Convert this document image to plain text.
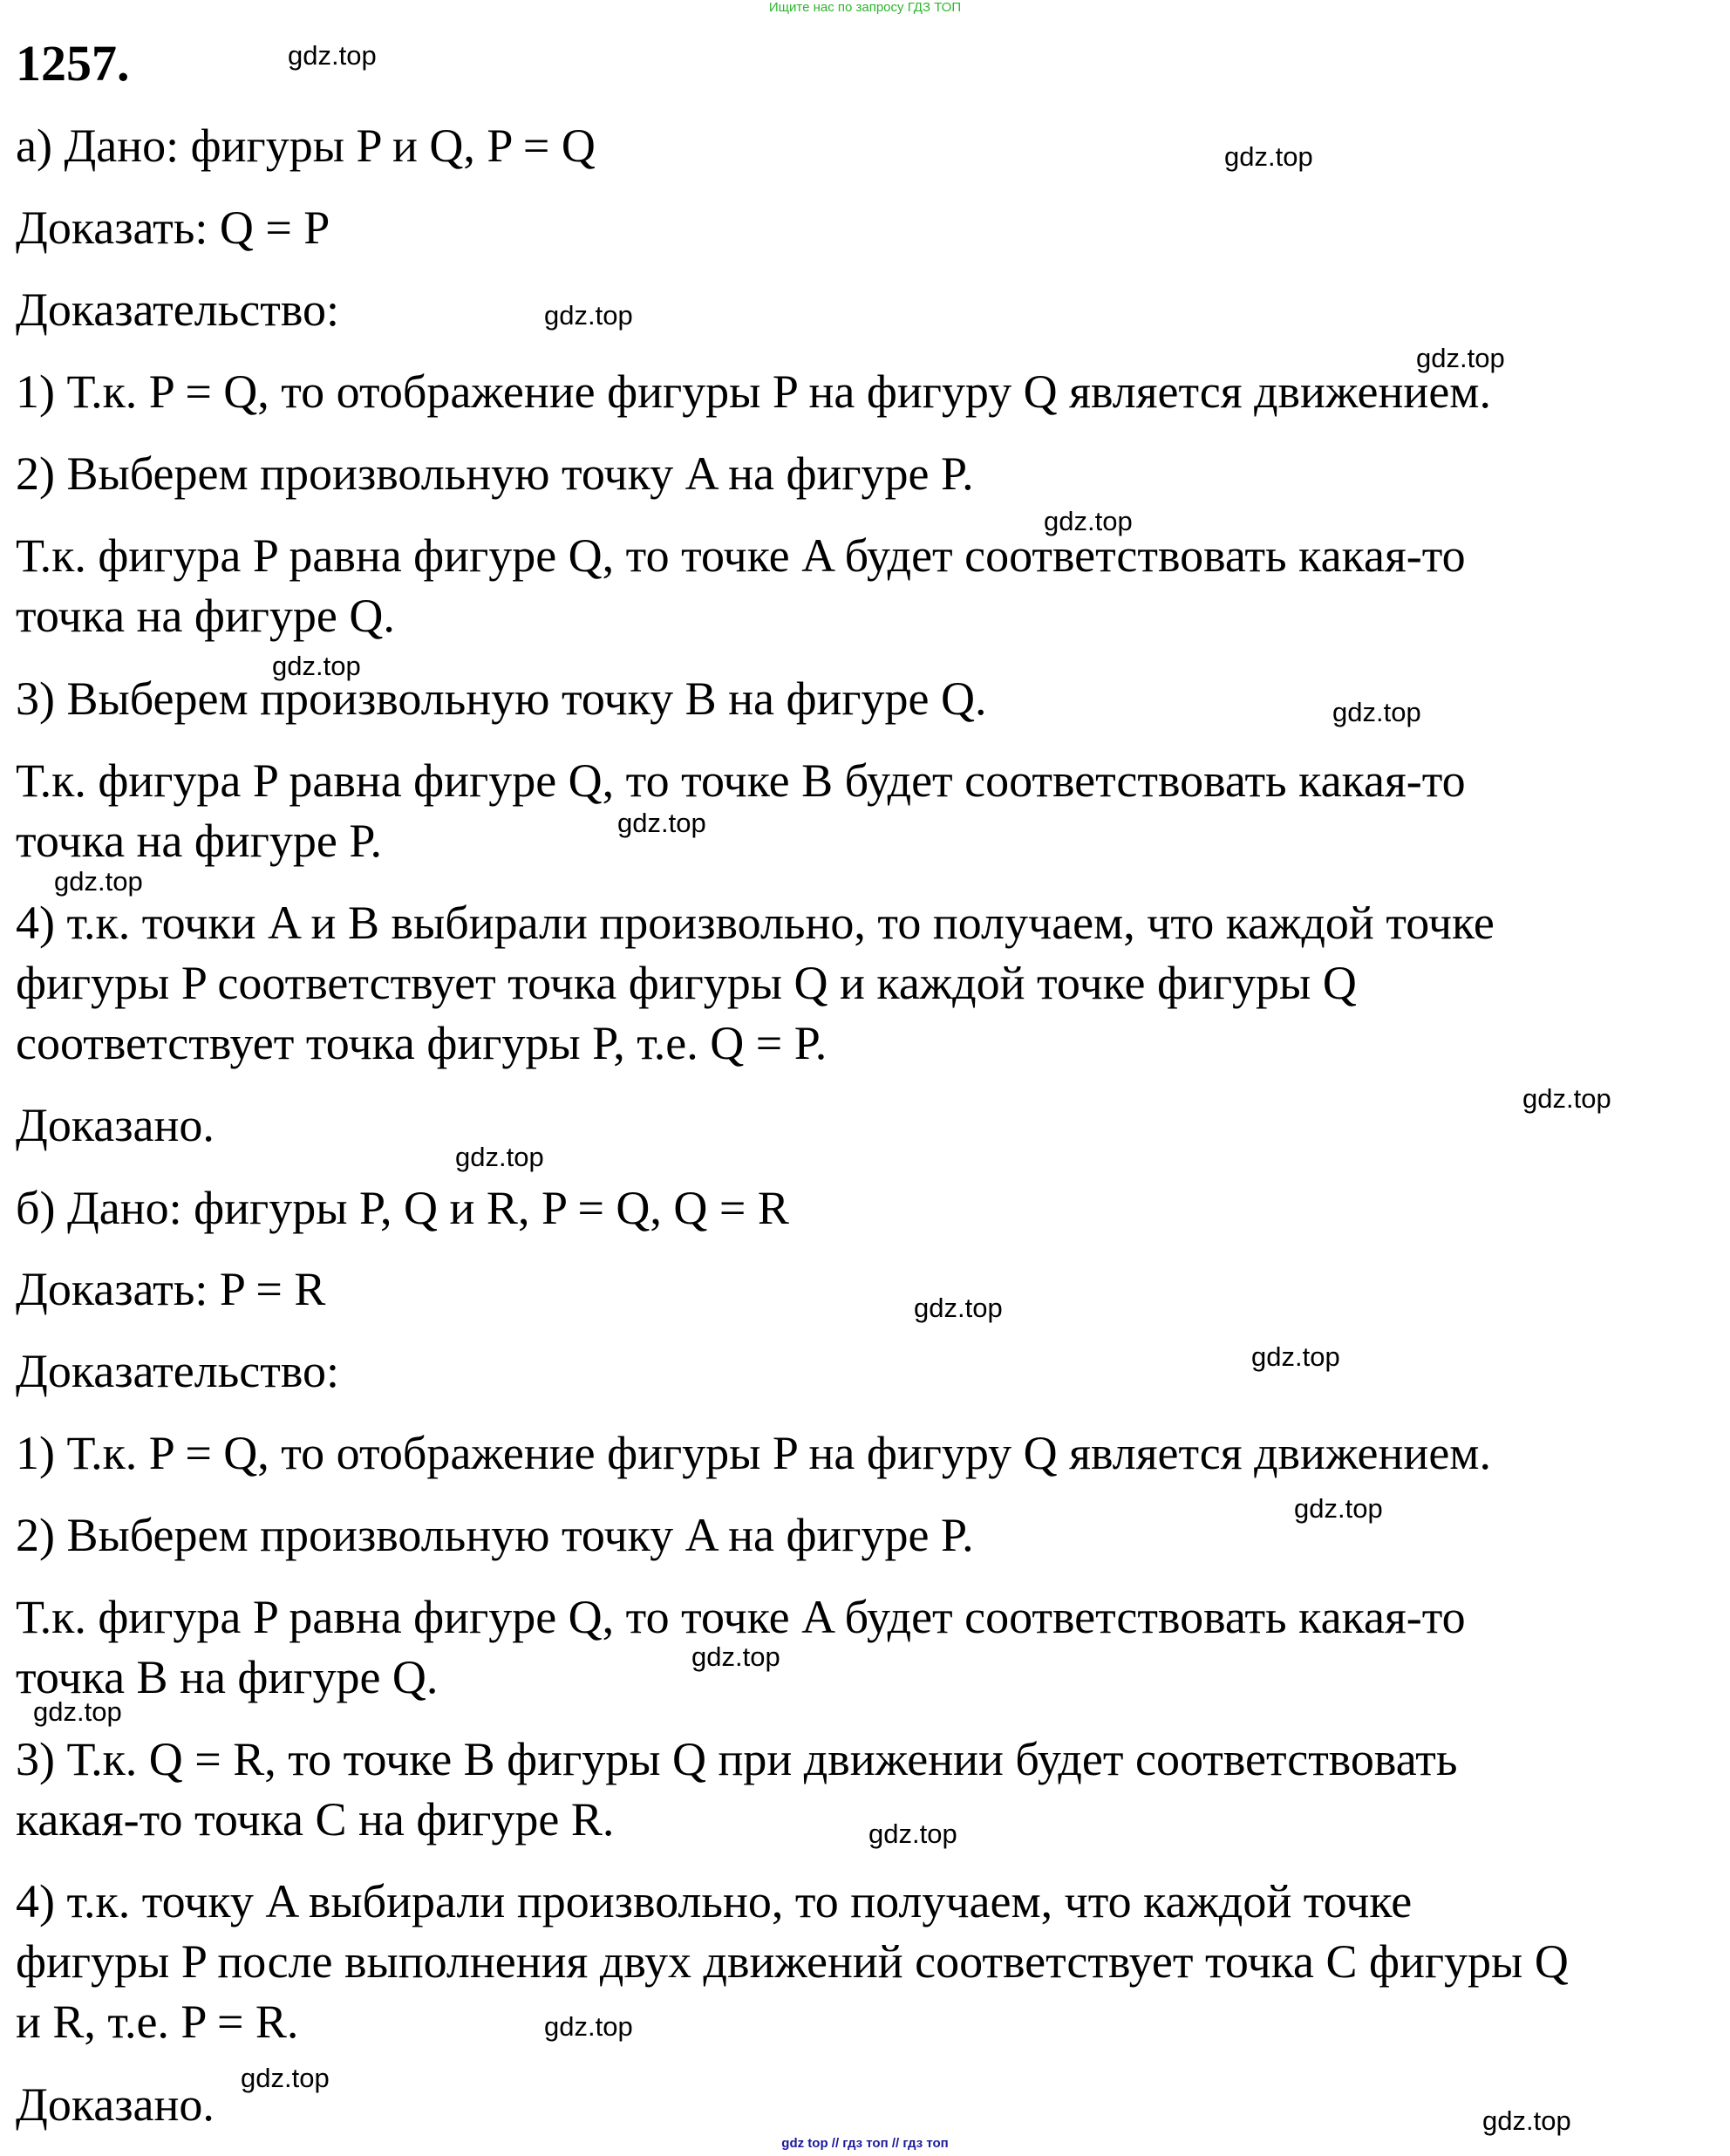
Ищите нас по запросу ГДЗ ТОП
1257.
а) Дано: фигуры P и Q, P = Q
Доказать: Q = P
Доказательство:
1) Т.к. P = Q, то отображение фигуры P на фигуру Q является движением.
2) Выберем произвольную точку A на фигуре P.
Т.к. фигура P равна фигуре Q, то точке A будет соответствовать какая-то
точка на фигуре Q.
3) Выберем произвольную точку B на фигуре Q.
Т.к. фигура P равна фигуре Q, то точке B будет соответствовать какая-то
точка на фигуре P.
4) т.к. точки A и B выбирали произвольно, то получаем, что каждой точке
фигуры P соответствует точка фигуры Q и каждой точке фигуры Q
соответствует точка фигуры P, т.е. Q = P.
Доказано.
б) Дано: фигуры P, Q и R, P = Q, Q = R
Доказать: P = R
Доказательство:
1) Т.к. P = Q, то отображение фигуры P на фигуру Q является движением.
2) Выберем произвольную точку A на фигуре P.
Т.к. фигура P равна фигуре Q, то точке A будет соответствовать какая-то
точка B на фигуре Q.
3) Т.к. Q = R, то точке B фигуры Q при движении будет соответствовать
какая-то точка C на фигуре R.
4) т.к. точку A выбирали произвольно, то получаем, что каждой точке
фигуры P после выполнения двух движений соответствует точка C фигуры Q
и R, т.е. P = R.
Доказано.
gdz.top
gdz.top
gdz.top
gdz.top
gdz.top
gdz.top
gdz.top
gdz.top
gdz.top
gdz.top
gdz.top
gdz.top
gdz.top
gdz.top
gdz.top
gdz.top
gdz.top
gdz.top
gdz.top
gdz.top
gdz top // гдз топ // гдз топ
